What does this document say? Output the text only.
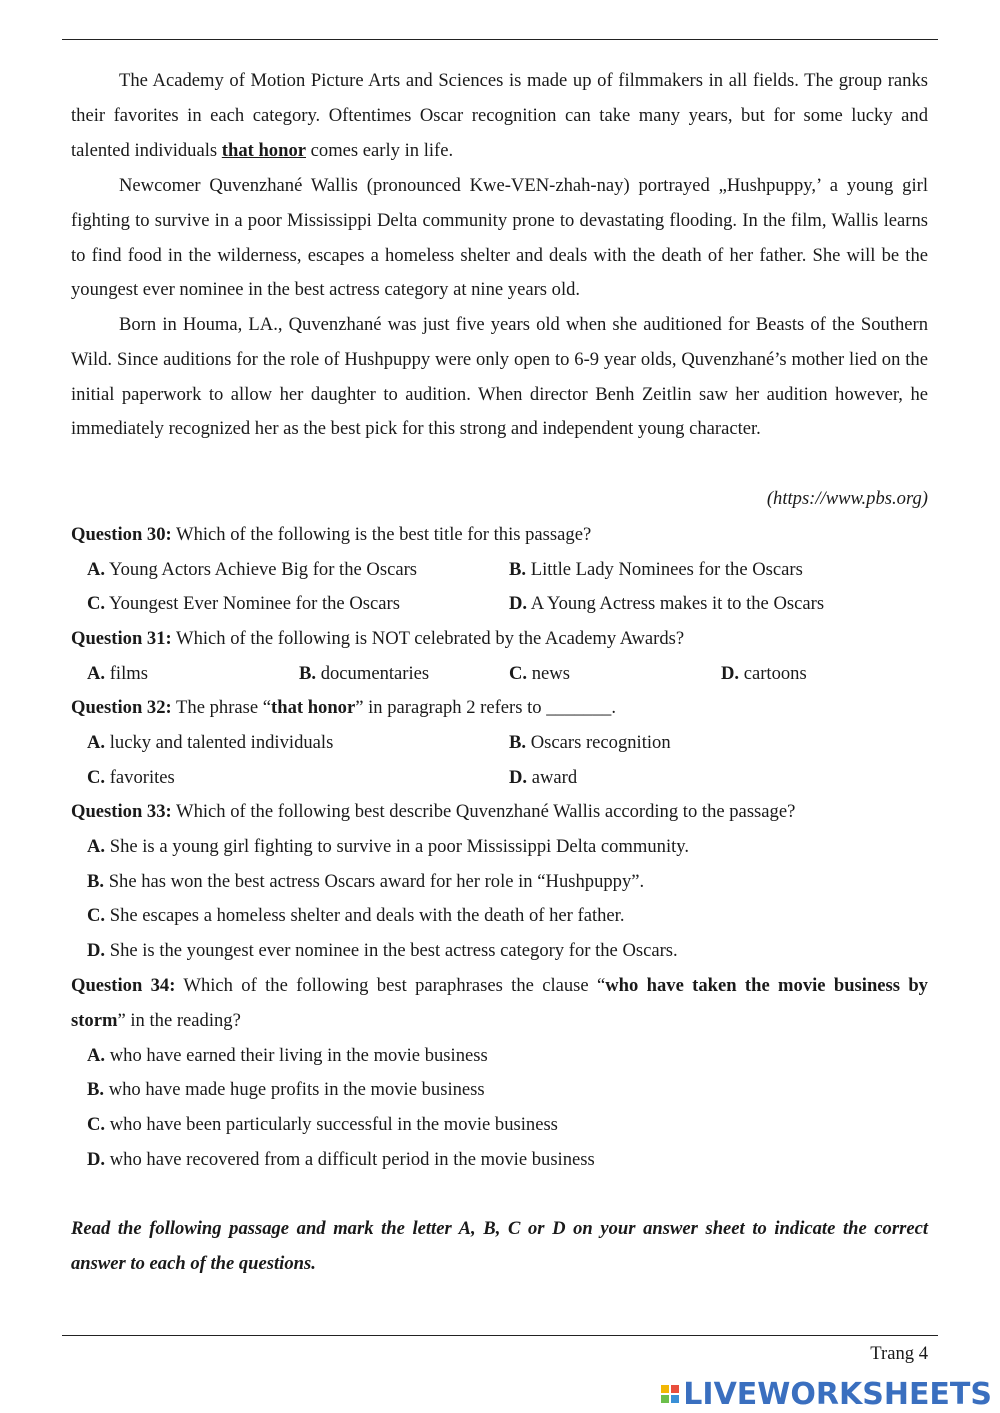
The Academy of Motion Picture Arts and Sciences is made up of filmmakers in all fields. The group ranks their favorites in each category. Oftentimes Oscar recognition can take many years, but for some lucky and talented individuals that honor comes early in life.

Newcomer Quvenzhané Wallis (pronounced Kwe-VEN-zhah-nay) portrayed „Hushpuppy,’ a young girl fighting to survive in a poor Mississippi Delta community prone to devastating flooding. In the film, Wallis learns to find food in the wilderness, escapes a homeless shelter and deals with the death of her father. She will be the youngest ever nominee in the best actress category at nine years old.

Born in Houma, LA., Quvenzhané was just five years old when she auditioned for Beasts of the Southern Wild. Since auditions for the role of Hushpuppy were only open to 6-9 year olds, Quvenzhané’s mother lied on the initial paperwork to allow her daughter to audition. When director Benh Zeitlin saw her audition however, he immediately recognized her as the best pick for this strong and independent young character.

(https://www.pbs.org)
Question 30: Which of the following is the best title for this passage?
A. Young Actors Achieve Big for the Oscars	B. Little Lady Nominees for the Oscars
C. Youngest Ever Nominee for the Oscars	D. A Young Actress makes it to the Oscars
Question 31: Which of the following is NOT celebrated by the Academy Awards?
A. films	B. documentaries	C. news	D. cartoons
Question 32: The phrase “that honor” in paragraph 2 refers to _______.
A. lucky and talented individuals	B. Oscars recognition
C. favorites	D. award
Question 33: Which of the following best describe Quvenzhané Wallis according to the passage?
A. She is a young girl fighting to survive in a poor Mississippi Delta community.
B. She has won the best actress Oscars award for her role in “Hushpuppy”.
C. She escapes a homeless shelter and deals with the death of her father.
D. She is the youngest ever nominee in the best actress category for the Oscars.

Question 34: Which of the following best paraphrases the clause “who have taken the movie business by storm” in the reading?

A. who have earned their living in the movie business
B. who have made huge profits in the movie business
C. who have been particularly successful in the movie business
D. who have recovered from a difficult period in the movie business

Read the following passage and mark the letter A, B, C or D on your answer sheet to indicate the correct answer to each of the questions.

Trang 4
LIVEWORKSHEETS
